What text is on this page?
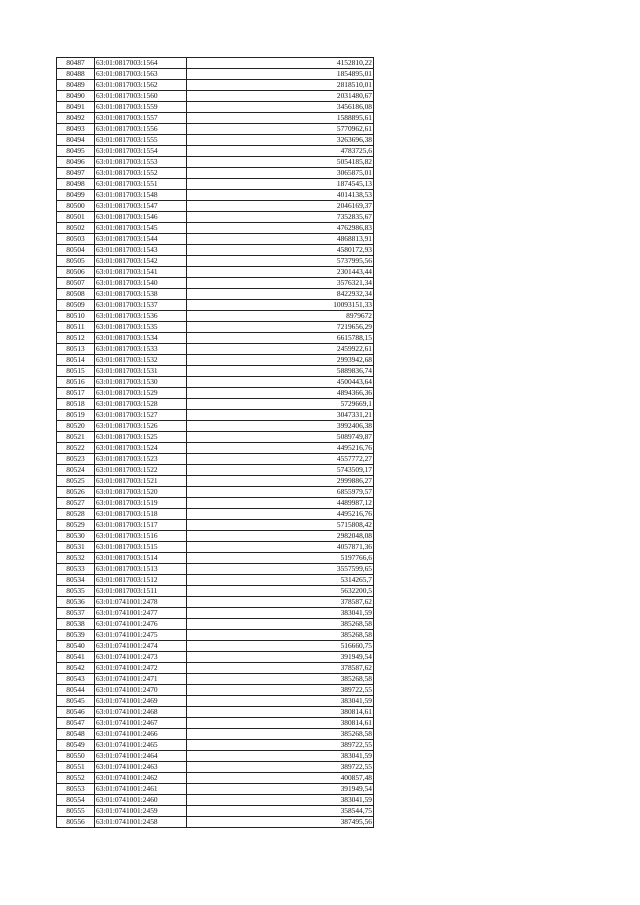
80487	63:01:0817003:1564	4152810,22
80488	63:01:0817003:1563	1854895,01
80489	63:01:0817003:1562	2818510,01
80490	63:01:0817003:1560	2031480,67
80491	63:01:0817003:1559	3456186,08
80492	63:01:0817003:1557	1588895,61
80493	63:01:0817003:1556	5770962,61
80494	63:01:0817003:1555	3263696,38
80495	63:01:0817003:1554	4783725,6
80496	63:01:0817003:1553	5054185,82
80497	63:01:0817003:1552	3065875,01
80498	63:01:0817003:1551	1874545,13
80499	63:01:0817003:1548	4014138,53
80500	63:01:0817003:1547	2046169,37
80501	63:01:0817003:1546	7352835,67
80502	63:01:0817003:1545	4762986,83
80503	63:01:0817003:1544	4868813,91
80504	63:01:0817003:1543	4580172,93
80505	63:01:0817003:1542	5737995,56
80506	63:01:0817003:1541	2301443,44
80507	63:01:0817003:1540	3576321,34
80508	63:01:0817003:1538	8422932,34
80509	63:01:0817003:1537	10093151,33
80510	63:01:0817003:1536	8979672
80511	63:01:0817003:1535	7219656,29
80512	63:01:0817003:1534	6615788,15
80513	63:01:0817003:1533	2459922,61
80514	63:01:0817003:1532	2993942,68
80515	63:01:0817003:1531	5889836,74
80516	63:01:0817003:1530	4500443,64
80517	63:01:0817003:1529	4894366,36
80518	63:01:0817003:1528	5729669,1
80519	63:01:0817003:1527	3047331,21
80520	63:01:0817003:1526	3992406,38
80521	63:01:0817003:1525	5089749,87
80522	63:01:0817003:1524	4495216,76
80523	63:01:0817003:1523	4557772,27
80524	63:01:0817003:1522	5743509,17
80525	63:01:0817003:1521	2999886,27
80526	63:01:0817003:1520	6855979,57
80527	63:01:0817003:1519	4489987,12
80528	63:01:0817003:1518	4495216,76
80529	63:01:0817003:1517	5715808,42
80530	63:01:0817003:1516	2982048,08
80531	63:01:0817003:1515	4057871,36
80532	63:01:0817003:1514	5197766,6
80533	63:01:0817003:1513	3557599,65
80534	63:01:0817003:1512	5314265,7
80535	63:01:0817003:1511	5632200,5
80536	63:01:0741001:2478	378587,62
80537	63:01:0741001:2477	383041,59
80538	63:01:0741001:2476	385268,58
80539	63:01:0741001:2475	385268,58
80540	63:01:0741001:2474	516660,75
80541	63:01:0741001:2473	391949,54
80542	63:01:0741001:2472	378587,62
80543	63:01:0741001:2471	385268,58
80544	63:01:0741001:2470	389722,55
80545	63:01:0741001:2469	383041,59
80546	63:01:0741001:2468	380814,61
80547	63:01:0741001:2467	380814,61
80548	63:01:0741001:2466	385268,58
80549	63:01:0741001:2465	389722,55
80550	63:01:0741001:2464	383041,59
80551	63:01:0741001:2463	389722,55
80552	63:01:0741001:2462	400857,48
80553	63:01:0741001:2461	391949,54
80554	63:01:0741001:2460	383041,59
80555	63:01:0741001:2459	358544,75
80556	63:01:0741001:2458	387495,56
